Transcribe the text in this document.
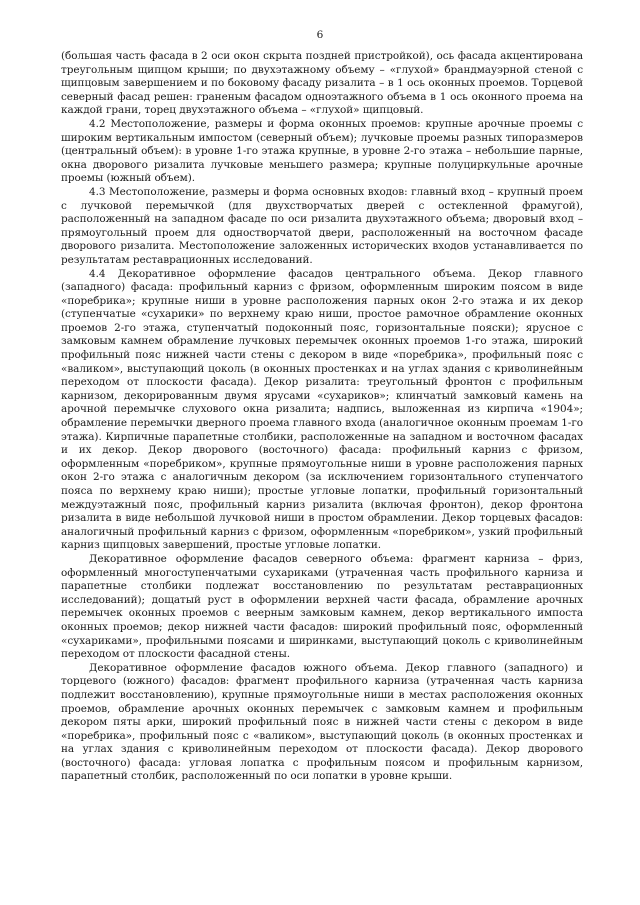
6

(большая часть фасада в 2 оси окон скрыта поздней пристройкой), ось фасада акцентирована треугольным щипцом крыши; по двухэтажному объему – «глухой» брандмауэрной стеной с щипцовым завершением и по боковому фасаду ризалита – в 1 ось оконных проемов. Торцевой северный фасад решен: граненым фасадом одноэтажного объема в 1 ось оконного проема на каждой грани, торец двухэтажного объема – «глухой» щипцовый.

4.2 Местоположение, размеры и форма оконных проемов: крупные арочные проемы с широким вертикальным импостом (северный объем); лучковые проемы разных типоразмеров (центральный объем): в уровне 1-го этажа крупные, в уровне 2-го этажа – небольшие парные, окна дворового ризалита лучковые меньшего размера; крупные полуциркульные арочные проемы (южный объем).

4.3 Местоположение, размеры и форма основных входов: главный вход – крупный проем с лучковой перемычкой (для двухстворчатых дверей с остекленной фрамугой), расположенный на западном фасаде по оси ризалита двухэтажного объема; дворовый вход – прямоугольный проем для одностворчатой двери, расположенный на восточном фасаде дворового ризалита. Местоположение заложенных исторических входов устанавливается по результатам реставрационных исследований.

4.4 Декоративное оформление фасадов центрального объема. Декор главного (западного) фасада: профильный карниз с фризом, оформленным широким поясом в виде «поребрика»; крупные ниши в уровне расположения парных окон 2-го этажа и их декор (ступенчатые «сухарики» по верхнему краю ниши, простое рамочное обрамление оконных проемов 2-го этажа, ступенчатый подоконный пояс, горизонтальные пояски); ярусное с замковым камнем обрамление лучковых перемычек оконных проемов 1-го этажа, широкий профильный пояс нижней части стены с декором в виде «поребрика», профильный пояс с «валиком», выступающий цоколь (в оконных простенках и на углах здания с криволинейным переходом от плоскости фасада). Декор ризалита: треугольный фронтон с профильным карнизом, декорированным двумя ярусами «сухариков»; клинчатый замковый камень на арочной перемычке слухового окна ризалита; надпись, выложенная из кирпича «1904»; обрамление перемычки дверного проема главного входа (аналогичное оконным проемам 1-го этажа). Кирпичные парапетные столбики, расположенные на западном и восточном фасадах и их декор. Декор дворового (восточного) фасада: профильный карниз с фризом, оформленным «поребриком», крупные прямоугольные ниши в уровне расположения парных окон 2-го этажа с аналогичным декором (за исключением горизонтального ступенчатого пояса по верхнему краю ниши); простые угловые лопатки, профильный горизонтальный междуэтажный пояс, профильный карниз ризалита (включая фронтон), декор фронтона ризалита в виде небольшой лучковой ниши в простом обрамлении. Декор торцевых фасадов: аналогичный профильный карниз с фризом, оформленным «поребриком», узкий профильный карниз щипцовых завершений, простые угловые лопатки.

Декоративное оформление фасадов северного объема: фрагмент карниза – фриз, оформленный многоступенчатыми сухариками (утраченная часть профильного карниза и парапетные столбики подлежат восстановлению по результатам реставрационных исследований); дощатый руст в оформлении верхней части фасада, обрамление арочных перемычек оконных проемов с веерным замковым камнем, декор вертикального импоста оконных проемов; декор нижней части фасадов: широкий профильный пояс, оформленный «сухариками», профильными поясами и ширинками, выступающий цоколь с криволинейным переходом от плоскости фасадной стены.

Декоративное оформление фасадов южного объема. Декор главного (западного) и торцевого (южного) фасадов: фрагмент профильного карниза (утраченная часть карниза подлежит восстановлению), крупные прямоугольные ниши в местах расположения оконных проемов, обрамление арочных оконных перемычек с замковым камнем и профильным декором пяты арки, широкий профильный пояс в нижней части стены с декором в виде «поребрика», профильный пояс с «валиком», выступающий цоколь (в оконных простенках и на углах здания с криволинейным переходом от плоскости фасада). Декор дворового (восточного) фасада: угловая лопатка с профильным поясом и профильным карнизом, парапетный столбик, расположенный по оси лопатки в уровне крыши.
